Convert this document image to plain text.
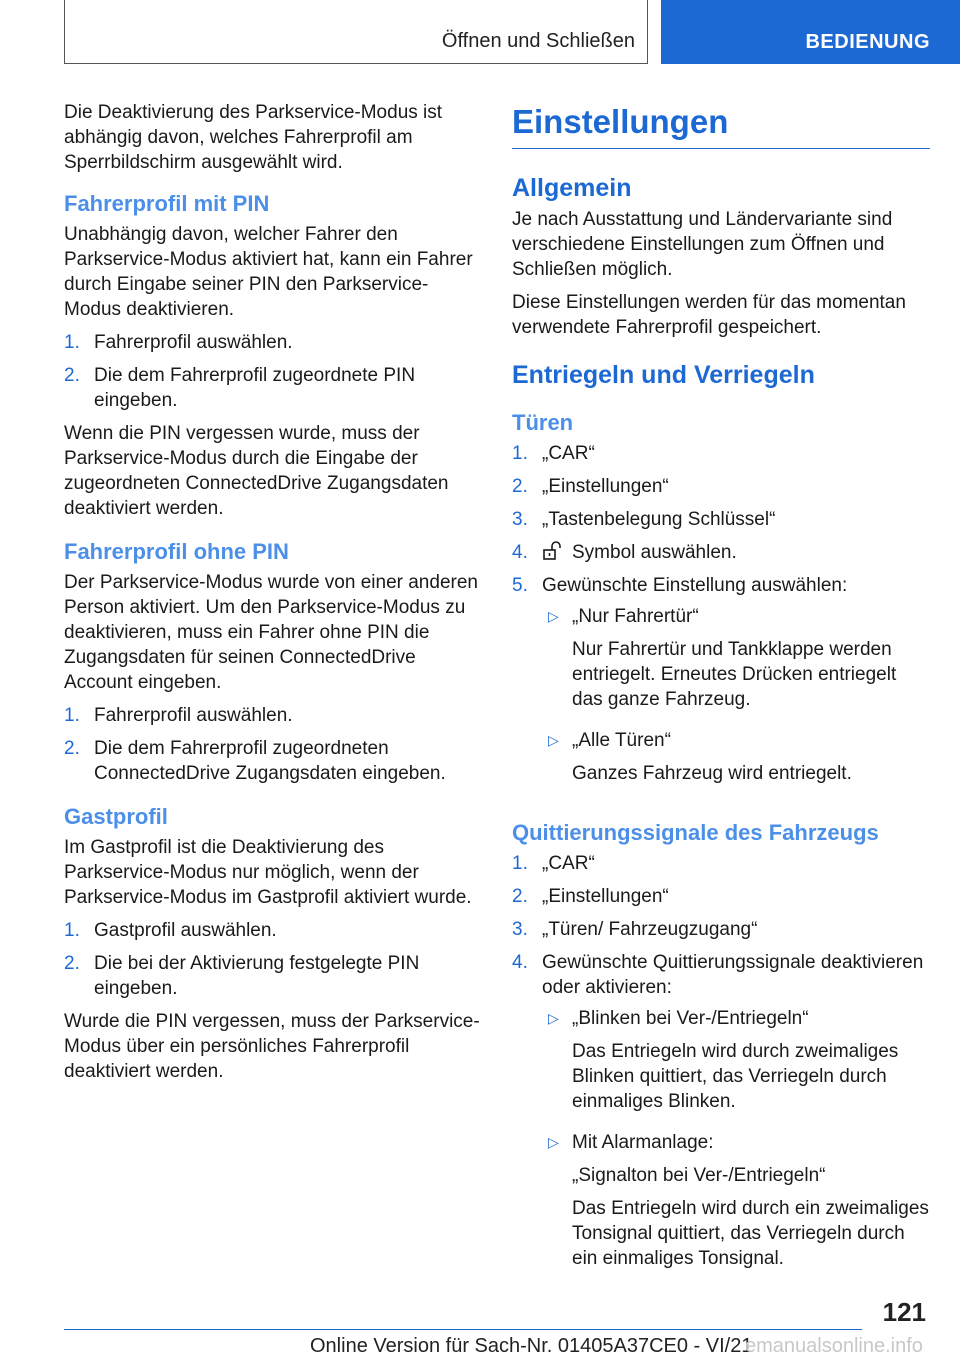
Öffnen und Schließen	BEDIENUNG

Die Deaktivierung des Parkservice-Modus ist abhängig davon, welches Fahrerprofil am Sperrbildschirm ausgewählt wird.

Fahrerprofil mit PIN

Unabhängig davon, welcher Fahrer den Parkservice-Modus aktiviert hat, kann ein Fahrer durch Eingabe seiner PIN den Parkservice-Modus deaktivieren.

1. Fahrerprofil auswählen.
2. Die dem Fahrerprofil zugeordnete PIN eingeben.

Wenn die PIN vergessen wurde, muss der Parkservice-Modus durch die Eingabe der zugeordneten ConnectedDrive Zugangsdaten deaktiviert werden.

Fahrerprofil ohne PIN

Der Parkservice-Modus wurde von einer anderen Person aktiviert. Um den Parkservice-Modus zu deaktivieren, muss ein Fahrer ohne PIN die Zugangsdaten für seinen ConnectedDrive Account eingeben.

1. Fahrerprofil auswählen.
2. Die dem Fahrerprofil zugeordneten ConnectedDrive Zugangsdaten eingeben.
Gastprofil

Im Gastprofil ist die Deaktivierung des Parkservice-Modus nur möglich, wenn der Parkservice-Modus im Gastprofil aktiviert wurde.

1. Gastprofil auswählen.
2. Die bei der Aktivierung festgelegte PIN eingeben.

Wurde die PIN vergessen, muss der Parkservice-Modus über ein persönliches Fahrerprofil deaktiviert werden.

Einstellungen
Allgemein

Je nach Ausstattung und Ländervariante sind verschiedene Einstellungen zum Öffnen und Schließen möglich.

Diese Einstellungen werden für das momentan verwendete Fahrerprofil gespeichert.

Entriegeln und Verriegeln
Türen
1. „CAR“
2. „Einstellungen“
3. „Tastenbelegung Schlüssel“
4.	Symbol auswählen.
5. Gewünschte Einstellung auswählen:
▷ „Nur Fahrertür“

Nur Fahrertür und Tankklappe werden entriegelt. Erneutes Drücken entriegelt das ganze Fahrzeug.

▷ „Alle Türen“

Ganzes Fahrzeug wird entriegelt.

Quittierungssignale des Fahrzeugs
1. „CAR“
2. „Einstellungen“
3. „Türen/ Fahrzeugzugang“
4. Gewünschte Quittierungssignale deaktivieren oder aktivieren:
▷ „Blinken bei Ver-/Entriegeln“

Das Entriegeln wird durch zweimaliges Blinken quittiert, das Verriegeln durch einmaliges Blinken.

▷ Mit Alarmanlage:

„Signalton bei Ver-/Entriegeln“

Das Entriegeln wird durch ein zweimaliges Tonsignal quittiert, das Verriegeln durch ein einmaliges Tonsignal.

121
Online Version für Sach-Nr. 01405A37CE0 - VI/21
emanualsonline.info
